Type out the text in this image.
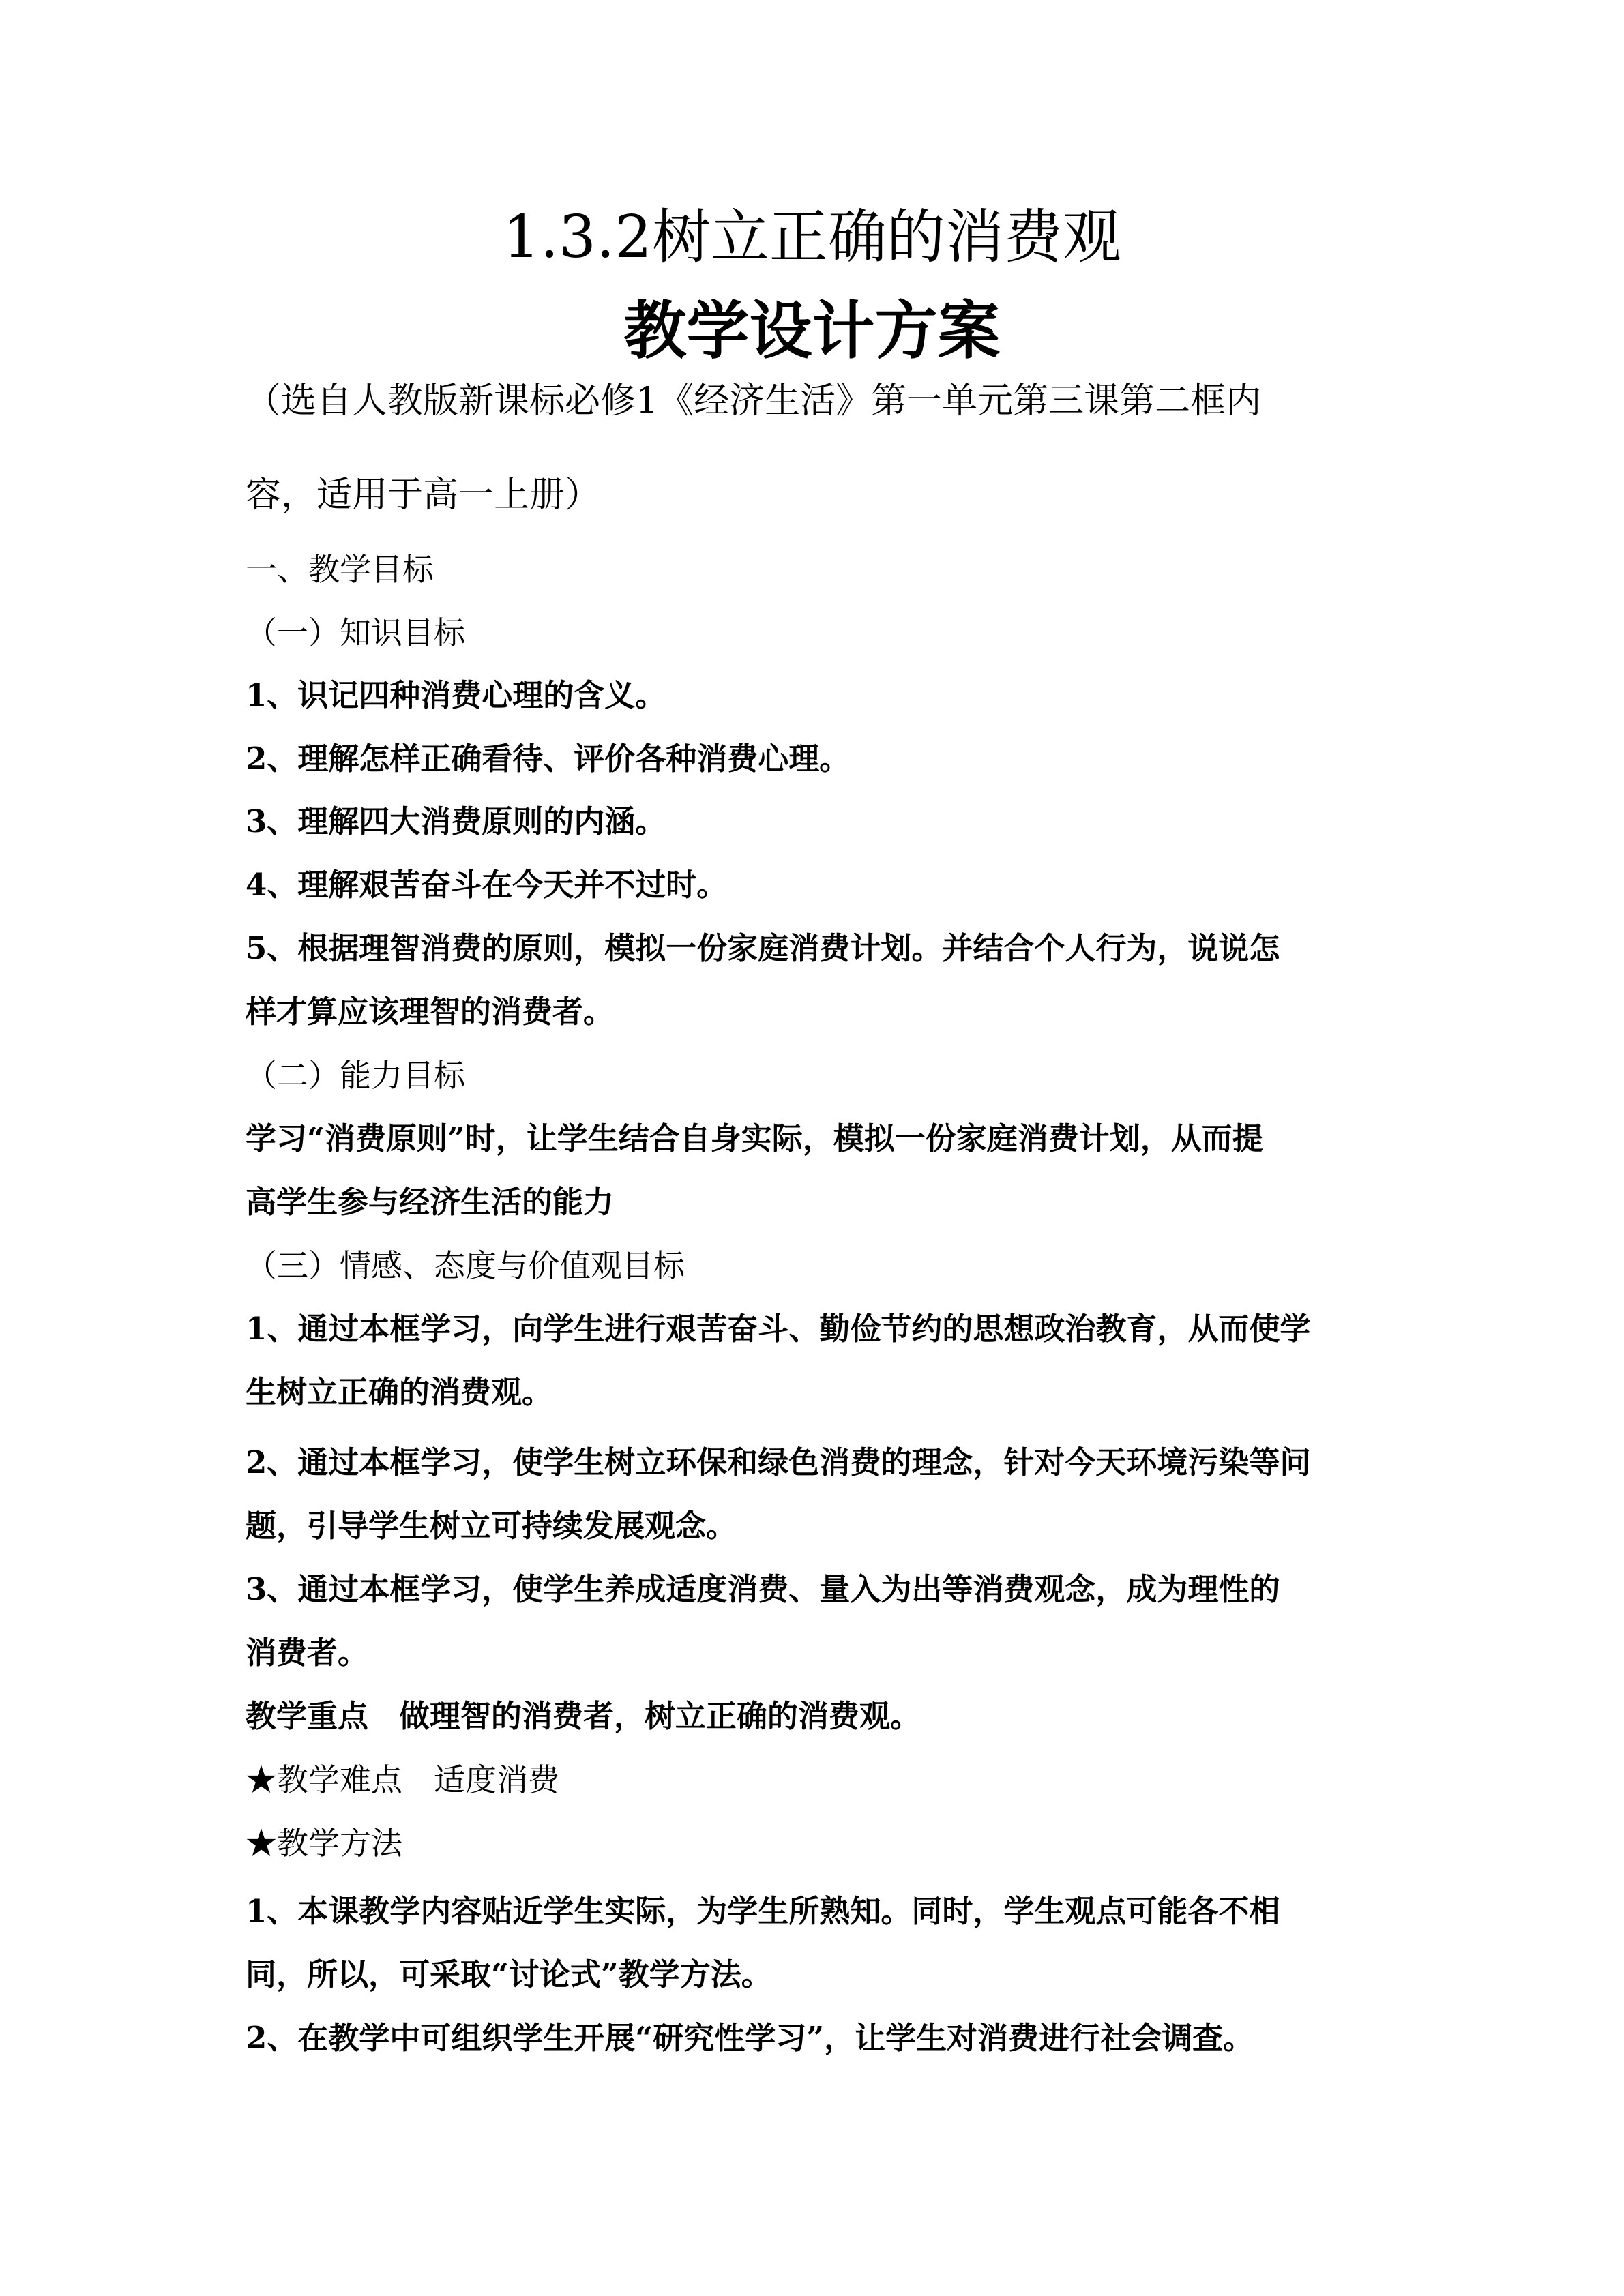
1.3.2树立正确的消费观
教学设计方案
（选自人教版新课标必修1《经济生活》第一单元第三课第二框内
容，适用于高一上册）
一、教学目标
（一）知识目标
1、识记四种消费心理的含义。
2、理解怎样正确看待、评价各种消费心理。
3、理解四大消费原则的内涵。
4、理解艰苦奋斗在今天并不过时。
5、根据理智消费的原则，模拟一份家庭消费计划。并结合个人行为，说说怎
样才算应该理智的消费者。
（二）能力目标
学习“消费原则”时，让学生结合自身实际，模拟一份家庭消费计划，从而提
高学生参与经济生活的能力
（三）情感、态度与价值观目标
1、通过本框学习，向学生进行艰苦奋斗、勤俭节约的思想政治教育，从而使学
生树立正确的消费观。
2、通过本框学习，使学生树立环保和绿色消费的理念，针对今天环境污染等问
题，引导学生树立可持续发展观念。
3、通过本框学习，使学生养成适度消费、量入为出等消费观念，成为理性的
消费者。
教学重点　做理智的消费者，树立正确的消费观。
★教学难点　适度消费
★教学方法
1、本课教学内容贴近学生实际，为学生所熟知。同时，学生观点可能各不相
同，所以，可采取“讨论式”教学方法。
2、在教学中可组织学生开展“研究性学习”，让学生对消费进行社会调查。
